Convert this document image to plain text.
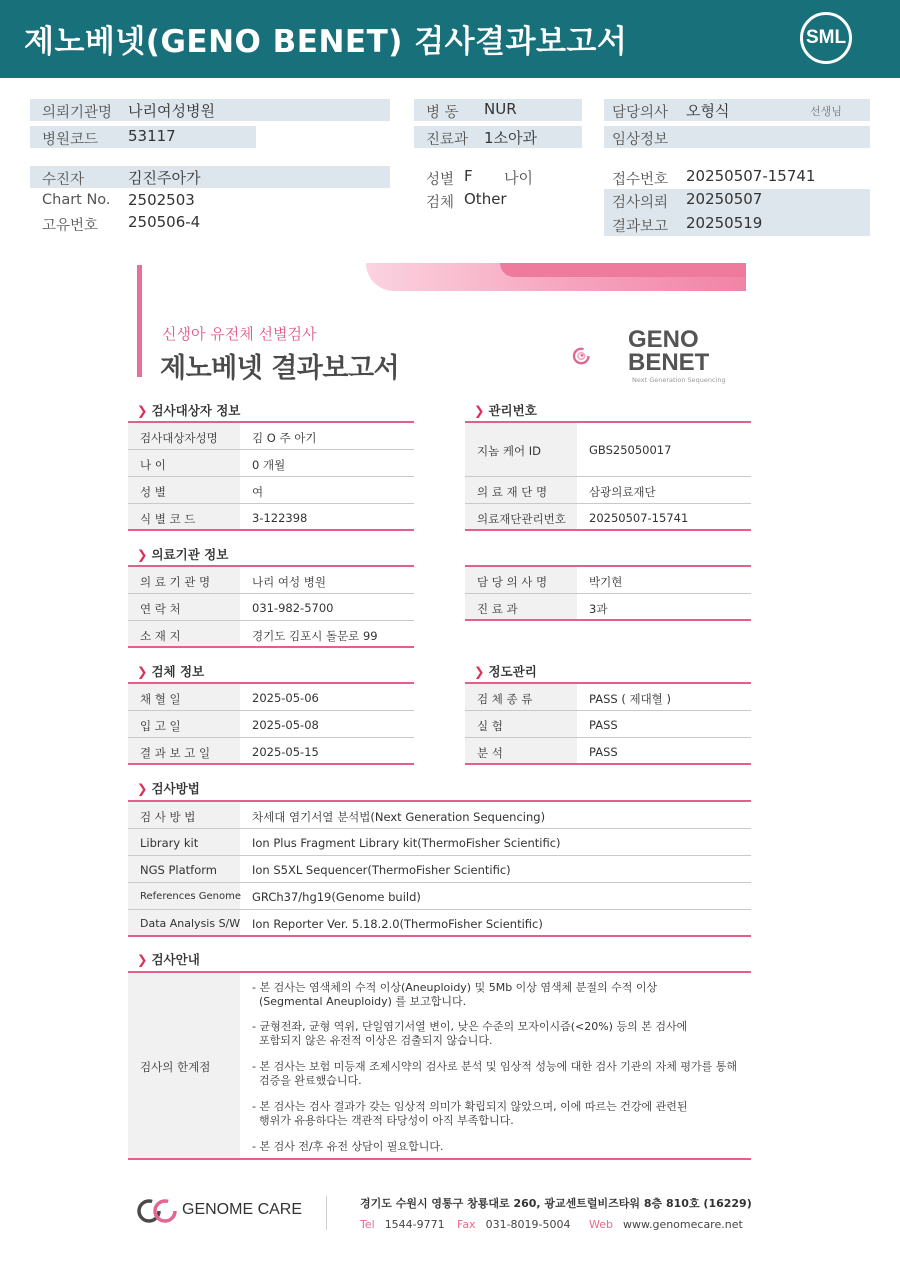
제노베넷(GENO BENET) 검사결과보고서	SML
의뢰기관명 나리여성병원
병원코드 53117
수진자	김진주아가
Chart No. 2502503
고유번호 250506-4
병 동 NUR
진료과 1소아과
성별 F 나이
검체 Other
담당의사 오형식	선생님
임상정보
접수번호 20250507-15741
검사의뢰 20250507
결과보고 20250519
신생아 유전체 선별검사
제노베넷 결과보고서
GENO
BENET
Next Generation Sequencing
❯ 검사대상자 정보
검사대상자성명	김 O 주 아기
나 이	0 개월
성 별	여
식 별 코 드	3-122398
❯ 관리번호
지놈 케어 ID	GBS25050017
의 료 재 단 명	삼광의료재단
의료재단관리번호	20250507-15741
❯ 의료기관 정보
의 료 기 관 명	나리 여성 병원
연 락 처	031-982-5700
소 재 지	경기도 김포시 돌문로 99
담 당 의 사 명	박기현
진 료 과	3과
❯ 검체 정보
채 혈 일	2025-05-06
입 고 일	2025-05-08
결 과 보 고 일	2025-05-15
❯ 정도관리
검 체 종 류	PASS ( 제대혈 )
실 험	PASS
분 석	PASS
❯ 검사방법
검 사 방 법	차세대 염기서열 분석법(Next Generation Sequencing)
Library kit	Ion Plus Fragment Library kit(ThermoFisher Scientific)
NGS Platform	Ion S5XL Sequencer(ThermoFisher Scientific)
References Genome GRCh37/hg19(Genome build)
Data Analysis S/W Ion Reporter Ver. 5.18.2.0(ThermoFisher Scientific)
❯ 검사안내
검사의 한계점
- 본 검사는 염색체의 수적 이상(Aneuploidy) 및 5Mb 이상 염색체 분절의 수적 이상
(Segmental Aneuploidy) 를 보고합니다.
- 균형전좌, 균형 역위, 단일염기서열 변이, 낮은 수준의 모자이시즘(<20%) 등의 본 검사에
포함되지 않은 유전적 이상은 검출되지 않습니다.
- 본 검사는 보험 미등재 조제시약의 검사로 분석 및 임상적 성능에 대한 검사 기관의 자체 평가를 통해
검증을 완료했습니다.
- 본 검사는 검사 결과가 갖는 임상적 의미가 확립되지 않았으며, 이에 따르는 건강에 관련된
행위가 유용하다는 객관적 타당성이 아직 부족합니다.
- 본 검사 전/후 유전 상담이 필요합니다.
GENOME CARE	경기도 수원시 영통구 창룡대로 260, 광교센트럴비즈타워 8층 810호 (16229)
Tel 1544-9771 Fax 031-8019-5004 Web www.genomecare.net
